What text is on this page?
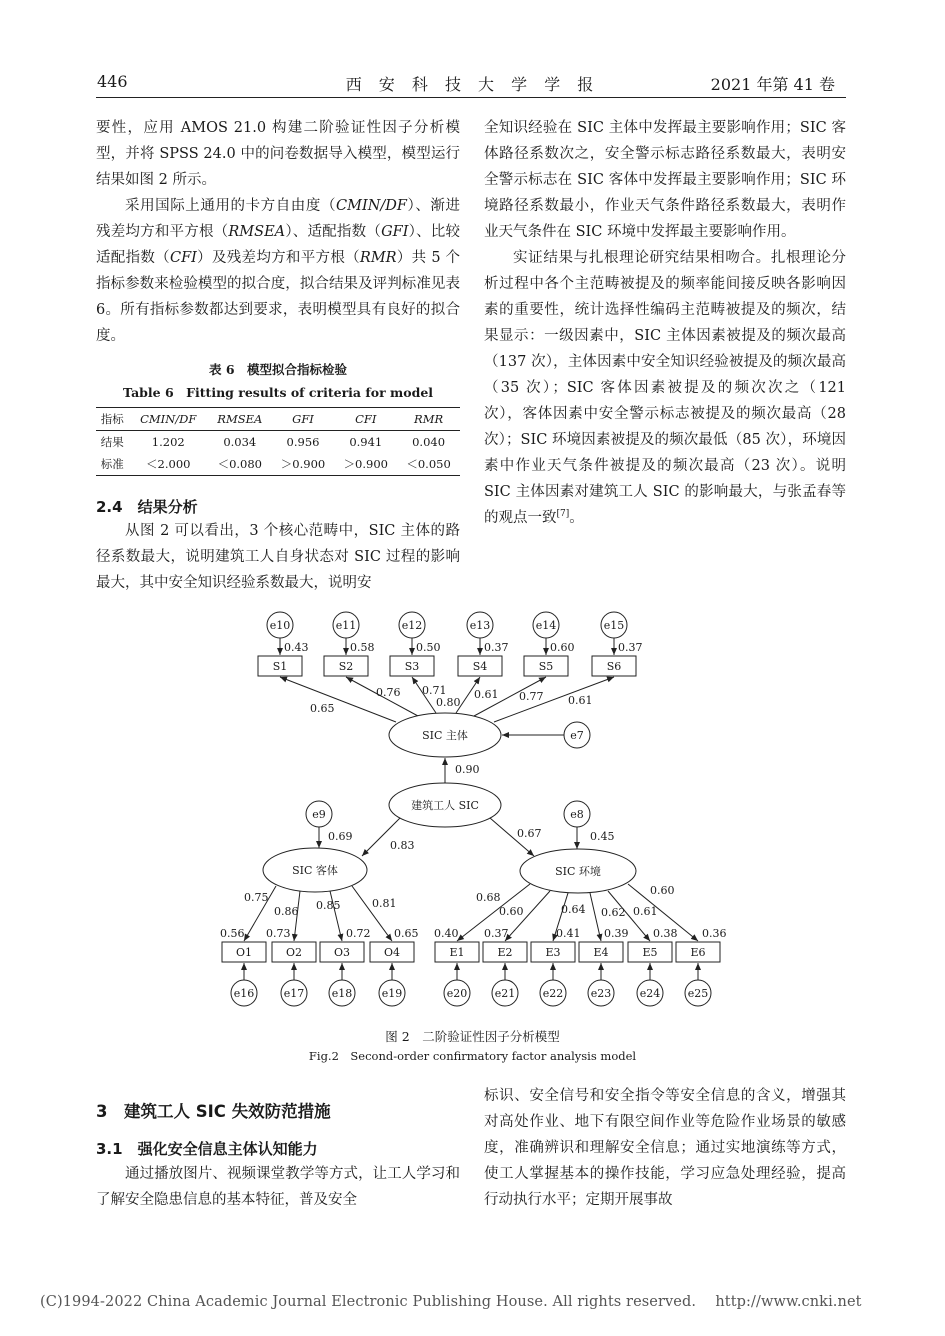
446	西 安 科 技 大 学 学 报	2021 年第 41 卷

要性，应用 AMOS 21.0 构建二阶验证性因子分析模型，并将 SPSS 24.0 中的问卷数据导入模型，模型运行结果如图 2 所示。

采用国际上通用的卡方自由度（CMIN/DF）、渐进残差均方和平方根（RMSEA）、适配指数（GFI）、比较适配指数（CFI）及残差均方和平方根（RMR）共 5 个指标参数来检验模型的拟合度，拟合结果及评判标准见表 6。所有指标参数都达到要求，表明模型具有良好的拟合度。

表 6　模型拟合指标检验
Table 6　Fitting results of criteria for model
指标	CMIN/DF	RMSEA	GFI	CFI	RMR
结果	1.202	0.034	0.956	0.941	0.040
标准	＜2.000	＜0.080	＞0.900	＞0.900	＜0.050
2.4　结果分析

从图 2 可以看出，3 个核心范畴中，SIC 主体的路径系数最大，说明建筑工人自身状态对 SIC 过程的影响最大，其中安全知识经验系数最大，说明安

全知识经验在 SIC 主体中发挥最主要影响作用；SIC 客体路径系数次之，安全警示标志路径系数最大，表明安全警示标志在 SIC 客体中发挥最主要影响作用；SIC 环境路径系数最小，作业天气条件路径系数最大，表明作业天气条件在 SIC 环境中发挥最主要影响作用。

实证结果与扎根理论研究结果相吻合。扎根理论分析过程中各个主范畴被提及的频率能间接反映各影响因素的重要性，统计选择性编码主范畴被提及的频次，结果显示：一级因素中，SIC 主体因素被提及的频次最高（137 次），主体因素中安全知识经验被提及的频次最高（35 次）；SIC 客体因素被提及的频次次之（121 次），客体因素中安全警示标志被提及的频次最高（28 次）；SIC 环境因素被提及的频次最低（85 次），环境因素中作业天气条件被提及的频次最高（23 次）。说明 SIC 主体因素对建筑工人 SIC 的影响最大，与张孟春等的观点一致[7]。

e10
S1
0.43
e11
S2
0.58
e12
S3
0.50
e13
S4
0.37
e14
S5
0.60
e15
S6
0.37
SIC 主体
0.65
0.76 0.71
0.80
0.61 0.77 0.61
e7
建筑工人 SIC
0.90
e9
0.69
SIC 客体
0.83
e8
0.45
SIC 环境
0.67
O1
e16
O2
e17
O3
e18
O4
e19
0.75
0.86 0.85	0.81
0.56 0.73	0.72 0.65
E1
e20
E2
e21
E3
e22
E4
e23
E5
e24
E6
e25
0.68
0.60	0.64 0.62 0.61
0.60
0.40 0.37	0.41 0.39 0.38 0.36
图 2　二阶验证性因子分析模型
Fig.2　Second-order confirmatory factor analysis model
3　建筑工人 SIC 失效防范措施
3.1　强化安全信息主体认知能力

通过播放图片、视频课堂教学等方式，让工人学习和了解安全隐患信息的基本特征，普及安全

标识、安全信号和安全指令等安全信息的含义，增强其对高处作业、地下有限空间作业等危险作业场景的敏感度，准确辨识和理解安全信息；通过实地演练等方式，使工人掌握基本的操作技能，学习应急处理经验，提高行动执行水平；定期开展事故

(C)1994-2022 China Academic Journal Electronic Publishing House. All rights reserved.　 http://www.cnki.net
